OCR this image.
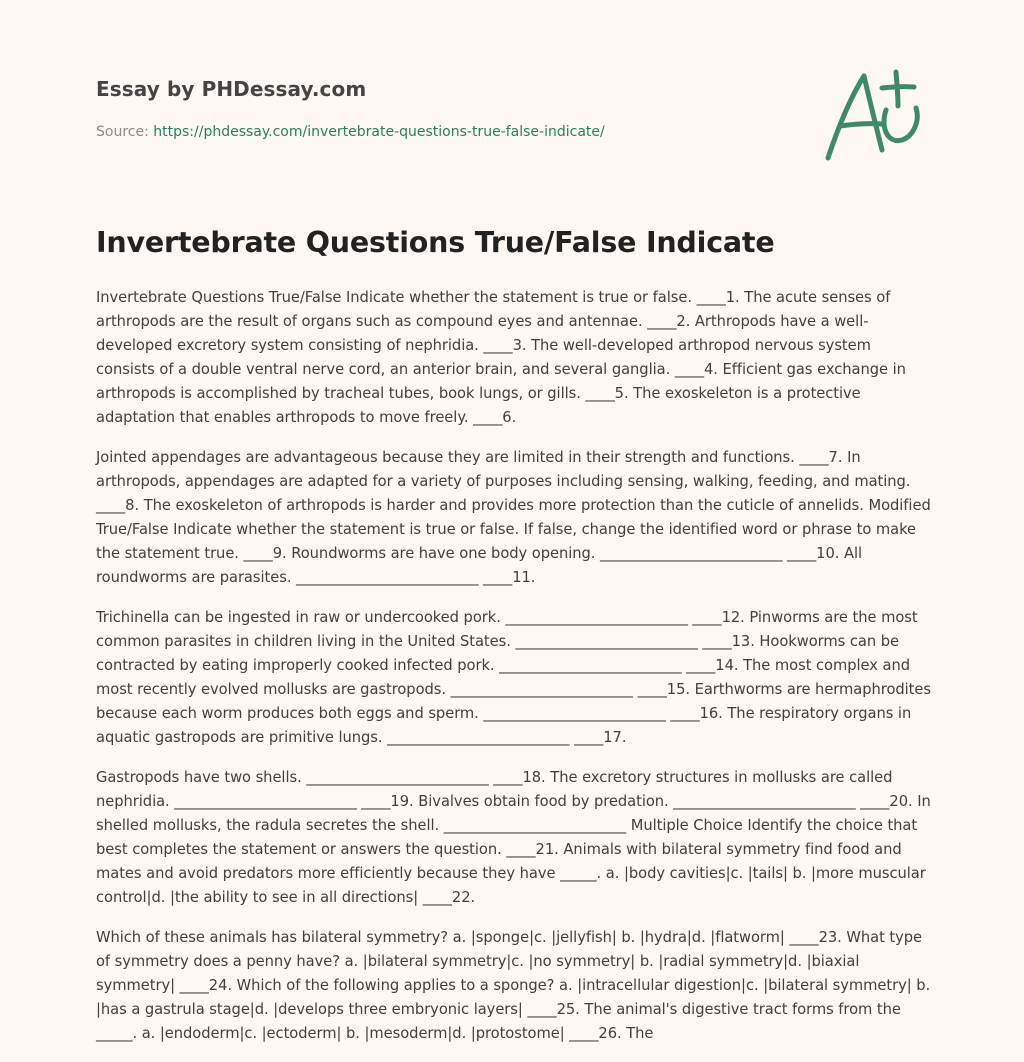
Essay by PHDessay.com
Source: https://phdessay.com/invertebrate-questions-true-false-indicate/
Invertebrate Questions True/False Indicate

Invertebrate Questions True/False Indicate whether the statement is true or false. ____1. The acute senses of arthropods are the result of organs such as compound eyes and antennae. ____2. Arthropods have a well-developed excretory system consisting of nephridia. ____3. The well-developed arthropod nervous system consists of a double ventral nerve cord, an anterior brain, and several ganglia. ____4. Efficient gas exchange in arthropods is accomplished by tracheal tubes, book lungs, or gills. ____5. The exoskeleton is a protective adaptation that enables arthropods to move freely. ____6.

Jointed appendages are advantageous because they are limited in their strength and functions. ____7. In arthropods, appendages are adapted for a variety of purposes including sensing, walking, feeding, and mating. ____8. The exoskeleton of arthropods is harder and provides more protection than the cuticle of annelids. Modified True/False Indicate whether the statement is true or false. If false, change the identified word or phrase to make the statement true. ____9. Roundworms are have one body opening. _________________________ ____10. All roundworms are parasites. _________________________ ____11.

Trichinella can be ingested in raw or undercooked pork. _________________________ ____12. Pinworms are the most common parasites in children living in the United States. _________________________ ____13. Hookworms can be contracted by eating improperly cooked infected pork. _________________________ ____14. The most complex and most recently evolved mollusks are gastropods. _________________________ ____15. Earthworms are hermaphrodites because each worm produces both eggs and sperm. _________________________ ____16. The respiratory organs in aquatic gastropods are primitive lungs. _________________________ ____17.

Gastropods have two shells. _________________________ ____18. The excretory structures in mollusks are called nephridia. _________________________ ____19. Bivalves obtain food by predation. _________________________ ____20. In shelled mollusks, the radula secretes the shell. _________________________ Multiple Choice Identify the choice that best completes the statement or answers the question. ____21. Animals with bilateral symmetry find food and mates and avoid predators more efficiently because they have _____. a. |body cavities|c. |tails| b. |more muscular control|d. |the ability to see in all directions| ____22.

Which of these animals has bilateral symmetry? a. |sponge|c. |jellyfish| b. |hydra|d. |flatworm| ____23. What type of symmetry does a penny have? a. |bilateral symmetry|c. |no symmetry| b. |radial symmetry|d. |biaxial symmetry| ____24. Which of the following applies to a sponge? a. |intracellular digestion|c. |bilateral symmetry| b. |has a gastrula stage|d. |develops three embryonic layers| ____25. The animal's digestive tract forms from the _____. a. |endoderm|c. |ectoderm| b. |mesoderm|d. |protostome| ____26. The
